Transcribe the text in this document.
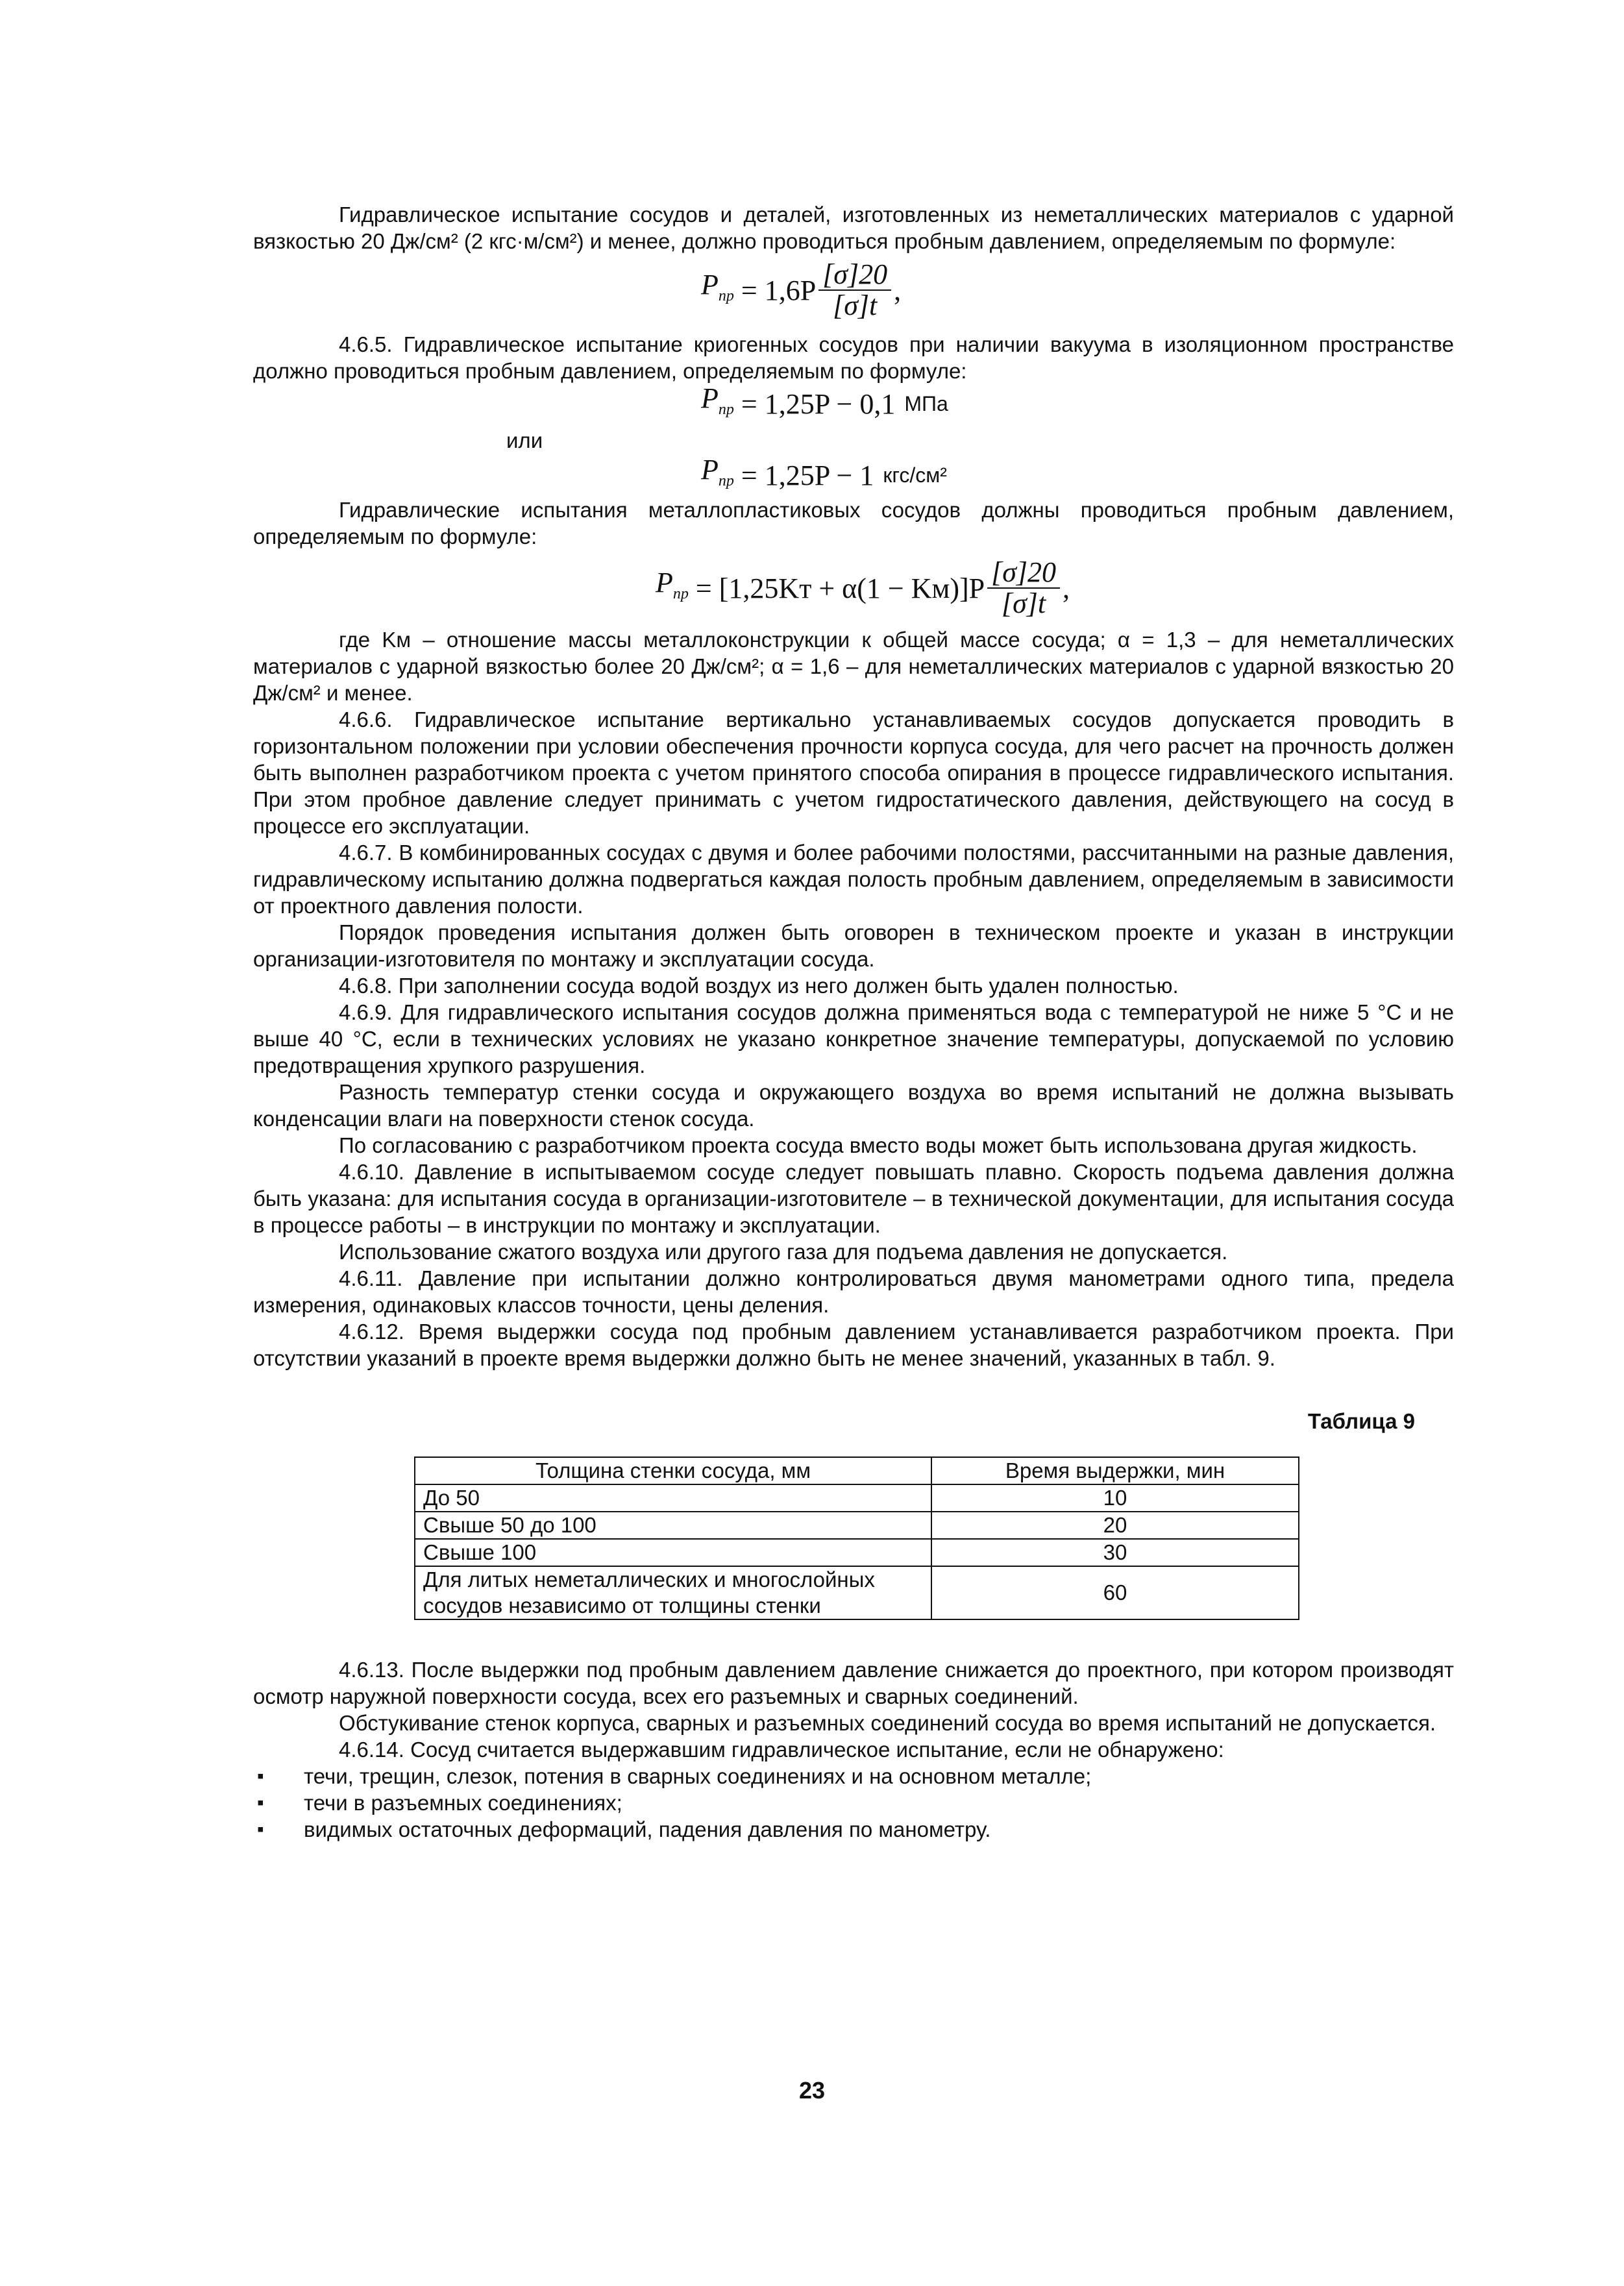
Гидравлическое испытание сосудов и деталей, изготовленных из неметаллических материалов с ударной вязкостью 20 Дж/см² (2 кгс·м/см²) и менее, должно проводиться пробным давлением, определяемым по формуле:

$P_{пр}$
= $1,6P \frac{[\sigma]20}{[\sigma]t}$ ,

4.6.5. Гидравлическое испытание криогенных сосудов при наличии вакуума в изоляционном пространстве должно проводиться пробным давлением, определяемым по формуле:

$P_{пр}$
= 1,25P − 0,1 МПа

или

$P_{пр}$
= 1,25P − 1 кгс/см²

Гидравлические испытания металлопластиковых сосудов должны проводиться пробным давлением, определяемым по формуле:

$P_{пр}$
= $[1,25Kт + \alpha(1 - Kм)]P \frac{[\sigma]20}{[\sigma]t}$ ,

где Kм – отношение массы металлоконструкции к общей массе сосуда; α = 1,3 – для неметаллических материалов с ударной вязкостью более 20 Дж/см²; α = 1,6 – для неметаллических материалов с ударной вязкостью 20 Дж/см² и менее.

4.6.6. Гидравлическое испытание вертикально устанавливаемых сосудов допускается проводить в горизонтальном положении при условии обеспечения прочности корпуса сосуда, для чего расчет на прочность должен быть выполнен разработчиком проекта с учетом принятого способа опирания в процессе гидравлического испытания. При этом пробное давление следует принимать с учетом гидростатического давления, действующего на сосуд в процессе его эксплуатации.

4.6.7. В комбинированных сосудах с двумя и более рабочими полостями, рассчитанными на разные давления, гидравлическому испытанию должна подвергаться каждая полость пробным давлением, определяемым в зависимости от проектного давления полости.

Порядок проведения испытания должен быть оговорен в техническом проекте и указан в инструкции организации-изготовителя по монтажу и эксплуатации сосуда.

4.6.8. При заполнении сосуда водой воздух из него должен быть удален полностью.

4.6.9. Для гидравлического испытания сосудов должна применяться вода с температурой не ниже 5 °С и не выше 40 °С, если в технических условиях не указано конкретное значение температуры, допускаемой по условию предотвращения хрупкого разрушения.

Разность температур стенки сосуда и окружающего воздуха во время испытаний не должна вызывать конденсации влаги на поверхности стенок сосуда.

По согласованию с разработчиком проекта сосуда вместо воды может быть использована другая жидкость.

4.6.10. Давление в испытываемом сосуде следует повышать плавно. Скорость подъема давления должна быть указана: для испытания сосуда в организации-изготовителе – в технической документации, для испытания сосуда в процессе работы – в инструкции по монтажу и эксплуатации.

Использование сжатого воздуха или другого газа для подъема давления не допускается.

4.6.11. Давление при испытании должно контролироваться двумя манометрами одного типа, предела измерения, одинаковых классов точности, цены деления.

4.6.12. Время выдержки сосуда под пробным давлением устанавливается разработчиком проекта. При отсутствии указаний в проекте время выдержки должно быть не менее значений, указанных в табл. 9.

Таблица 9

Толщина стенки сосуда, мм	Время выдержки, мин
До 50	10
Свыше 50 до 100	20
Свыше 100	30
Для литых неметаллических и многослойных сосудов независимо от толщины стенки	60

4.6.13. После выдержки под пробным давлением давление снижается до проектного, при котором производят осмотр наружной поверхности сосуда, всех его разъемных и сварных соединений.

Обстукивание стенок корпуса, сварных и разъемных соединений сосуда во время испытаний не допускается.

4.6.14. Сосуд считается выдержавшим гидравлическое испытание, если не обнаружено:

▪ течи, трещин, слезок, потения в сварных соединениях и на основном металле;
▪ течи в разъемных соединениях;
▪ видимых остаточных деформаций, падения давления по манометру.
23
